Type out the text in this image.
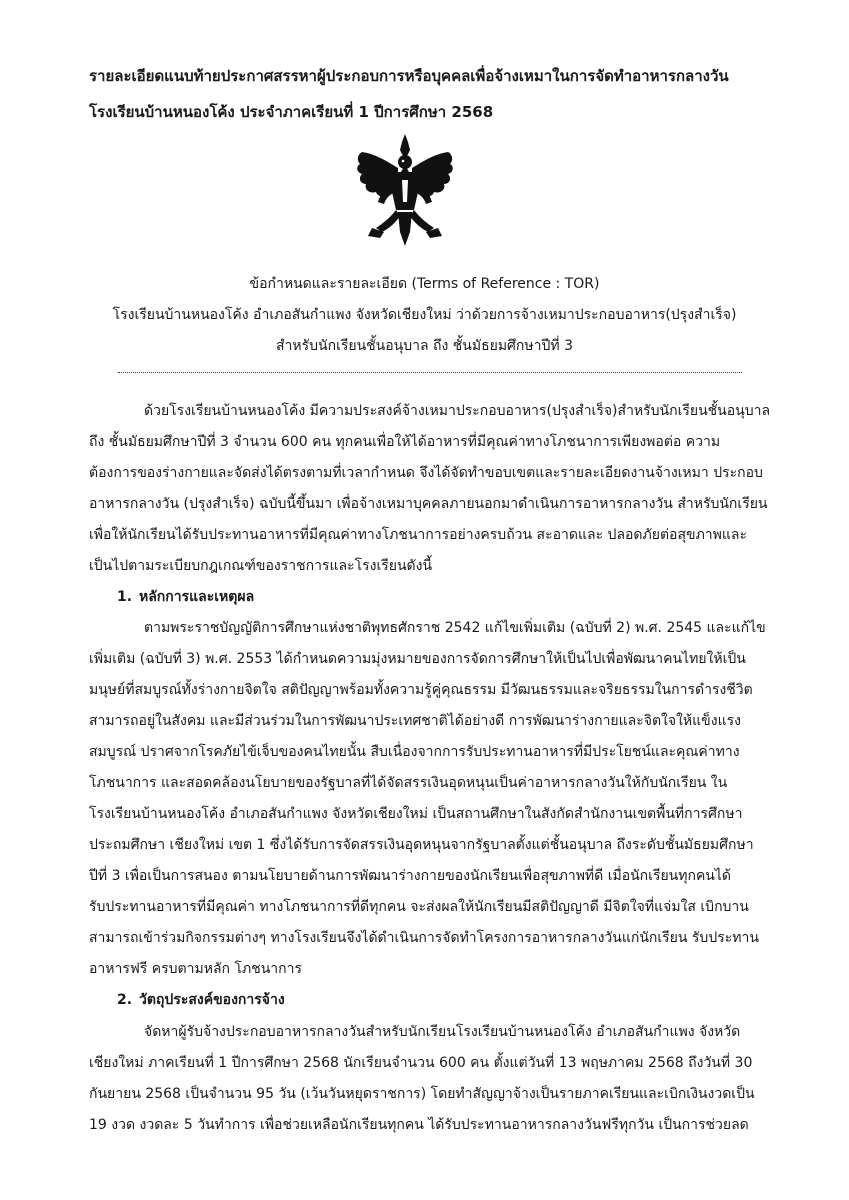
รายละเอียดแนบท้ายประกาศสรรหาผู้ประกอบการหรือบุคคลเพื่อจ้างเหมาในการจัดทำอาหารกลางวัน
โรงเรียนบ้านหนองโค้ง ประจำภาคเรียนที่ 1 ปีการศึกษา 2568
ข้อกำหนดและรายละเอียด (Terms of Reference : TOR)
โรงเรียนบ้านหนองโค้ง อำเภอสันกำแพง จังหวัดเชียงใหม่ ว่าด้วยการจ้างเหมาประกอบอาหาร(ปรุงสำเร็จ)
สำหรับนักเรียนชั้นอนุบาล ถึง ชั้นมัธยมศึกษาปีที่ 3
ด้วยโรงเรียนบ้านหนองโค้ง มีความประสงค์จ้างเหมาประกอบอาหาร(ปรุงสำเร็จ)สำหรับนักเรียนชั้นอนุบาล
ถึง ชั้นมัธยมศึกษาปีที่ 3 จำนวน 600 คน ทุกคนเพื่อให้ได้อาหารที่มีคุณค่าทางโภชนาการเพียงพอต่อ ความ
ต้องการของร่างกายและจัดส่งได้ตรงตามที่เวลากำหนด จึงได้จัดทำขอบเขตและรายละเอียดงานจ้างเหมา ประกอบ
อาหารกลางวัน (ปรุงสำเร็จ) ฉบับนี้ขึ้นมา เพื่อจ้างเหมาบุคคลภายนอกมาดำเนินการอาหารกลางวัน สำหรับนักเรียน
เพื่อให้นักเรียนได้รับประทานอาหารที่มีคุณค่าทางโภชนาการอย่างครบถ้วน สะอาดและ ปลอดภัยต่อสุขภาพและ
เป็นไปตามระเบียบกฎเกณฑ์ของราชการและโรงเรียนดังนี้
1. หลักการและเหตุผล
ตามพระราชบัญญัติการศึกษาแห่งชาติพุทธศักราช 2542 แก้ไขเพิ่มเติม (ฉบับที่ 2) พ.ศ. 2545 และแก้ไข
เพิ่มเติม (ฉบับที่ 3) พ.ศ. 2553 ได้กำหนดความมุ่งหมายของการจัดการศึกษาให้เป็นไปเพื่อพัฒนาคนไทยให้เป็น
มนุษย์ที่สมบูรณ์ทั้งร่างกายจิตใจ สติปัญญาพร้อมทั้งความรู้คู่คุณธรรม มีวัฒนธรรมและจริยธรรมในการดำรงชีวิต
สามารถอยู่ในสังคม และมีส่วนร่วมในการพัฒนาประเทศชาติได้อย่างดี การพัฒนาร่างกายและจิตใจให้แข็งแรง
สมบูรณ์ ปราศจากโรคภัยไข้เจ็บของคนไทยนั้น สืบเนื่องจากการรับประทานอาหารที่มีประโยชน์และคุณค่าทาง
โภชนาการ และสอดคล้องนโยบายของรัฐบาลที่ได้จัดสรรเงินอุดหนุนเป็นค่าอาหารกลางวันให้กับนักเรียน ใน
โรงเรียนบ้านหนองโค้ง อำเภอสันกำแพง จังหวัดเชียงใหม่ เป็นสถานศึกษาในสังกัดสำนักงานเขตพื้นที่การศึกษา
ประถมศึกษา เชียงใหม่ เขต 1 ซึ่งได้รับการจัดสรรเงินอุดหนุนจากรัฐบาลตั้งแต่ชั้นอนุบาล ถึงระดับชั้นมัธยมศึกษา
ปีที่ 3 เพื่อเป็นการสนอง ตามนโยบายด้านการพัฒนาร่างกายของนักเรียนเพื่อสุขภาพที่ดี เมื่อนักเรียนทุกคนได้
รับประทานอาหารที่มีคุณค่า ทางโภชนาการที่ดีทุกคน จะส่งผลให้นักเรียนมีสติปัญญาดี มีจิตใจที่แจ่มใส เบิกบาน
สามารถเข้าร่วมกิจกรรมต่างๆ ทางโรงเรียนจึงได้ดำเนินการจัดทำโครงการอาหารกลางวันแก่นักเรียน รับประทาน
อาหารฟรี ครบตามหลัก โภชนาการ
2. วัตถุประสงค์ของการจ้าง
จัดหาผู้รับจ้างประกอบอาหารกลางวันสำหรับนักเรียนโรงเรียนบ้านหนองโค้ง อำเภอสันกำแพง จังหวัด
เชียงใหม่ ภาคเรียนที่ 1 ปีการศึกษา 2568 นักเรียนจำนวน 600 คน ตั้งแต่วันที่ 13 พฤษภาคม 2568 ถึงวันที่ 30
กันยายน 2568 เป็นจำนวน 95 วัน (เว้นวันหยุดราชการ) โดยทำสัญญาจ้างเป็นรายภาคเรียนและเบิกเงินงวดเป็น
19 งวด งวดละ 5 วันทำการ เพื่อช่วยเหลือนักเรียนทุกคน ได้รับประทานอาหารกลางวันฟรีทุกวัน เป็นการช่วยลด
